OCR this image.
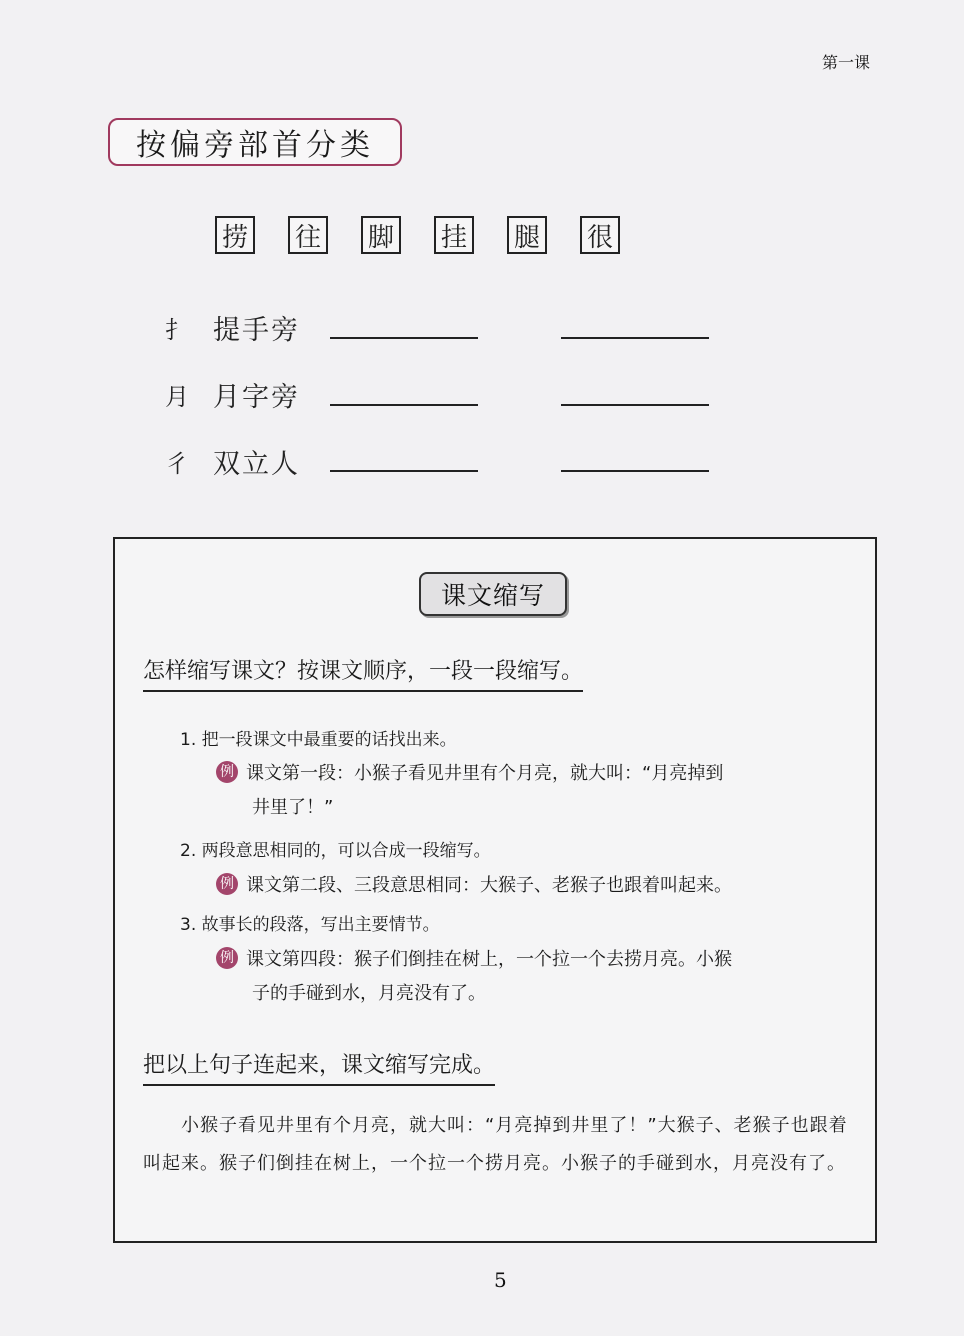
第一课
按偏旁部首分类
捞 往 脚 挂 腿 很
扌 提手旁
月 月字旁
彳 双立人
课文缩写
怎样缩写课文？按课文顺序，一段一段缩写。
1. 把一段课文中最重要的话找出来。
例 课文第一段：小猴子看见井里有个月亮，就大叫：“月亮掉到
井里了！”
2. 两段意思相同的，可以合成一段缩写。
例 课文第二段、三段意思相同：大猴子、老猴子也跟着叫起来。
3. 故事长的段落，写出主要情节。
例 课文第四段：猴子们倒挂在树上，一个拉一个去捞月亮。小猴
子的手碰到水，月亮没有了。
把以上句子连起来，课文缩写完成。
小猴子看见井里有个月亮，就大叫：“月亮掉到井里了！”大猴子、老猴子也跟着叫起来。猴子们倒挂在树上，一个拉一个捞月亮。小猴子的手碰到水，月亮没有了。
5
